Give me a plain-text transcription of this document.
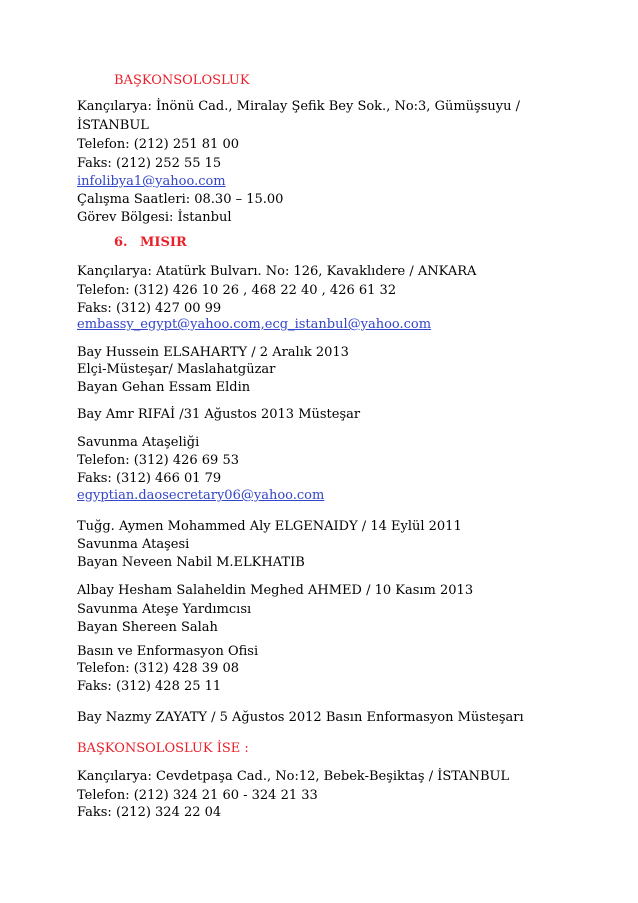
BAŞKONSOLOSLUK
Kançılarya: İnönü Cad., Miralay Şefik Bey Sok., No:3, Gümüşsuyu /
İSTANBUL
Telefon: (212) 251 81 00
Faks: (212) 252 55 15
infolibya1@yahoo.com
Çalışma Saatleri: 08.30 – 15.00
Görev Bölgesi: İstanbul
6. MISIR
Kançılarya: Atatürk Bulvarı. No: 126, Kavaklıdere / ANKARA
Telefon: (312) 426 10 26 , 468 22 40 , 426 61 32
Faks: (312) 427 00 99
embassy_egypt@yahoo.com,ecg_istanbul@yahoo.com
Bay Hussein ELSAHARTY / 2 Aralık 2013
Elçi-Müsteşar/ Maslahatgüzar
Bayan Gehan Essam Eldin
Bay Amr RIFAİ /31 Ağustos 2013 Müsteşar
Savunma Ataşeliği
Telefon: (312) 426 69 53
Faks: (312) 466 01 79
egyptian.daosecretary06@yahoo.com
Tuğg. Aymen Mohammed Aly ELGENAIDY / 14 Eylül 2011
Savunma Ataşesi
Bayan Neveen Nabil M.ELKHATIB
Albay Hesham Salaheldin Meghed AHMED / 10 Kasım 2013
Savunma Ateşe Yardımcısı
Bayan Shereen Salah
Basın ve Enformasyon Ofisi
Telefon: (312) 428 39 08
Faks: (312) 428 25 11
Bay Nazmy ZAYATY / 5 Ağustos 2012 Basın Enformasyon Müsteşarı
BAŞKONSOLOSLUK İSE :
Kançılarya: Cevdetpaşa Cad., No:12, Bebek-Beşiktaş / İSTANBUL
Telefon: (212) 324 21 60 - 324 21 33
Faks: (212) 324 22 04
